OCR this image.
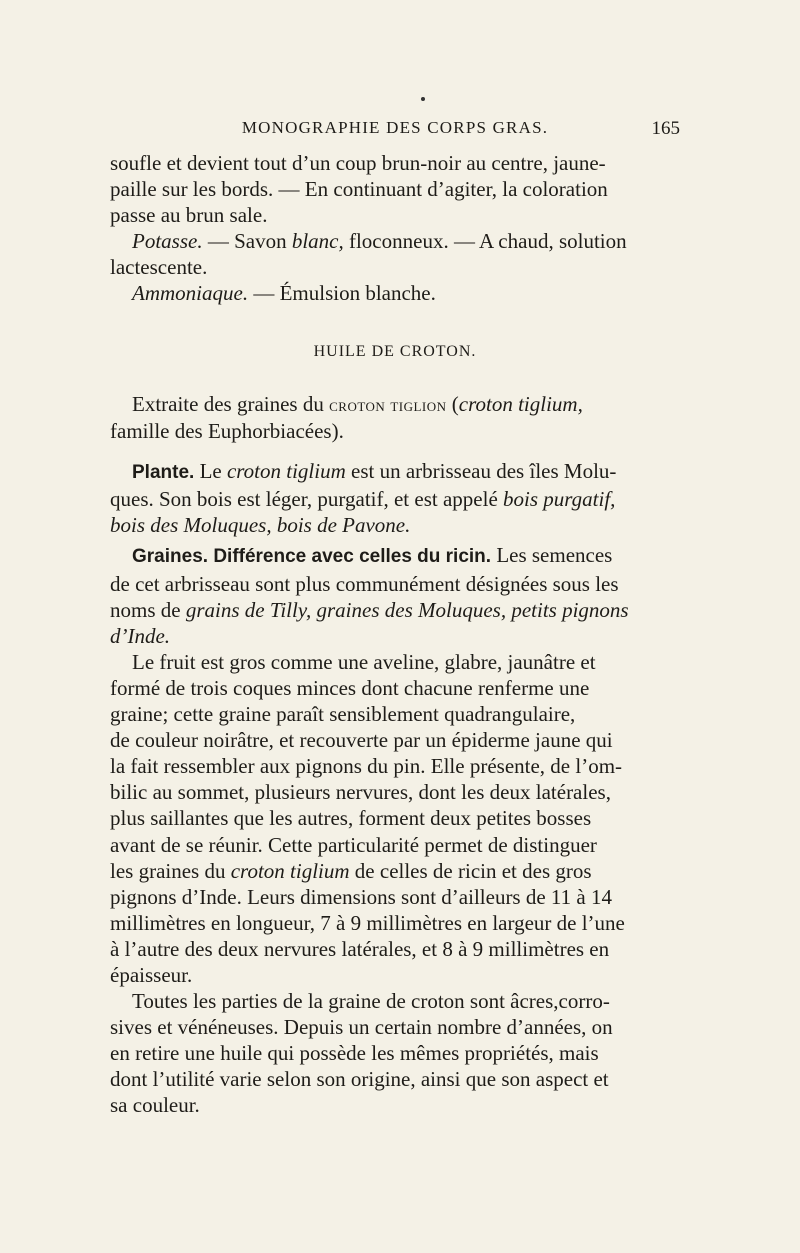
MONOGRAPHIE DES CORPS GRAS.	165
soufle et devient tout d’un coup brun-noir au centre, jaune-
paille sur les bords. — En continuant d’agiter, la coloration
passe au brun sale.

Potasse. — Savon blanc, floconneux. — A chaud, solution

lactescente.

Ammoniaque. — Émulsion blanche.

HUILE DE CROTON.

Extraite des graines du croton tiglion (croton tiglium,

famille des Euphorbiacées).

Plante. Le croton tiglium est un arbrisseau des îles Molu-

ques. Son bois est léger, purgatif, et est appelé bois purgatif,

bois des Moluques, bois de Pavone.

Graines. Différence avec celles du ricin. Les semences

de cet arbrisseau sont plus communément désignées sous les

noms de grains de Tilly, graines des Moluques, petits pignons

d’Inde.

Le fruit est gros comme une aveline, glabre, jaunâtre et

formé de trois coques minces dont chacune renferme une
graine; cette graine paraît sensiblement quadrangulaire,
de couleur noirâtre, et recouverte par un épiderme jaune qui
la fait ressembler aux pignons du pin. Elle présente, de l’om-
bilic au sommet, plusieurs nervures, dont les deux latérales,
plus saillantes que les autres, forment deux petites bosses
avant de se réunir. Cette particularité permet de distinguer

les graines du croton tiglium de celles de ricin et des gros

pignons d’Inde. Leurs dimensions sont d’ailleurs de 11 à 14
millimètres en longueur, 7 à 9 millimètres en largeur de l’une
à l’autre des deux nervures latérales, et 8 à 9 millimètres en
épaisseur.

Toutes les parties de la graine de croton sont âcres,corro-

sives et vénéneuses. Depuis un certain nombre d’années, on
en retire une huile qui possède les mêmes propriétés, mais
dont l’utilité varie selon son origine, ainsi que son aspect et
sa couleur.
